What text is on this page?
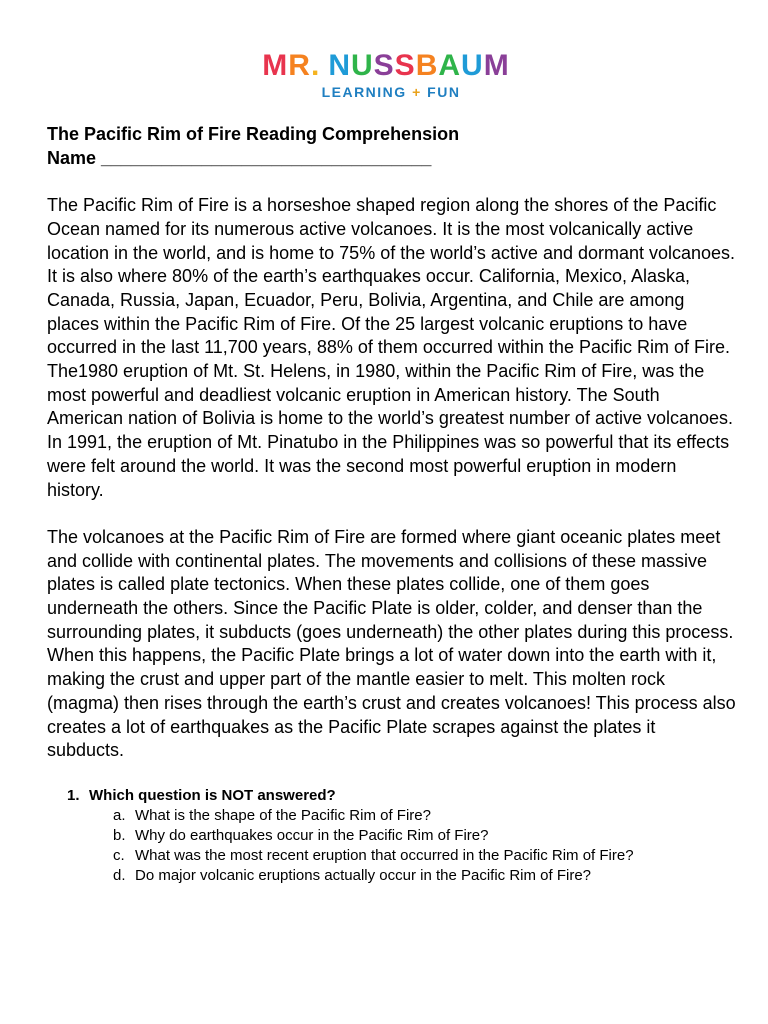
MR. NUSSBAUM
LEARNING + FUN

The Pacific Rim of Fire Reading Comprehension

Name _________________________________

The Pacific Rim of Fire is a horseshoe shaped region along the shores of the Pacific Ocean named for its numerous active volcanoes. It is the most volcanically active location in the world, and is home to 75% of the world’s active and dormant volcanoes. It is also where 80% of the earth’s earthquakes occur. California, Mexico, Alaska, Canada, Russia, Japan, Ecuador, Peru, Bolivia, Argentina, and Chile are among places within the Pacific Rim of Fire. Of the 25 largest volcanic eruptions to have occurred in the last 11,700 years, 88% of them occurred within the Pacific Rim of Fire. The1980 eruption of Mt. St. Helens, in 1980, within the Pacific Rim of Fire, was the most powerful and deadliest volcanic eruption in American history. The South American nation of Bolivia is home to the world’s greatest number of active volcanoes. In 1991, the eruption of Mt. Pinatubo in the Philippines was so powerful that its effects were felt around the world. It was the second most powerful eruption in modern history.

The volcanoes at the Pacific Rim of Fire are formed where giant oceanic plates meet and collide with continental plates. The movements and collisions of these massive plates is called plate tectonics. When these plates collide, one of them goes underneath the others. Since the Pacific Plate is older, colder, and denser than the surrounding plates, it subducts (goes underneath) the other plates during this process. When this happens, the Pacific Plate brings a lot of water down into the earth with it, making the crust and upper part of the mantle easier to melt. This molten rock (magma) then rises through the earth’s crust and creates volcanoes! This process also creates a lot of earthquakes as the Pacific Plate scrapes against the plates it subducts.

1. Which question is NOT answered?
a. What is the shape of the Pacific Rim of Fire?
b. Why do earthquakes occur in the Pacific Rim of Fire?
c. What was the most recent eruption that occurred in the Pacific Rim of Fire?
d. Do major volcanic eruptions actually occur in the Pacific Rim of Fire?
